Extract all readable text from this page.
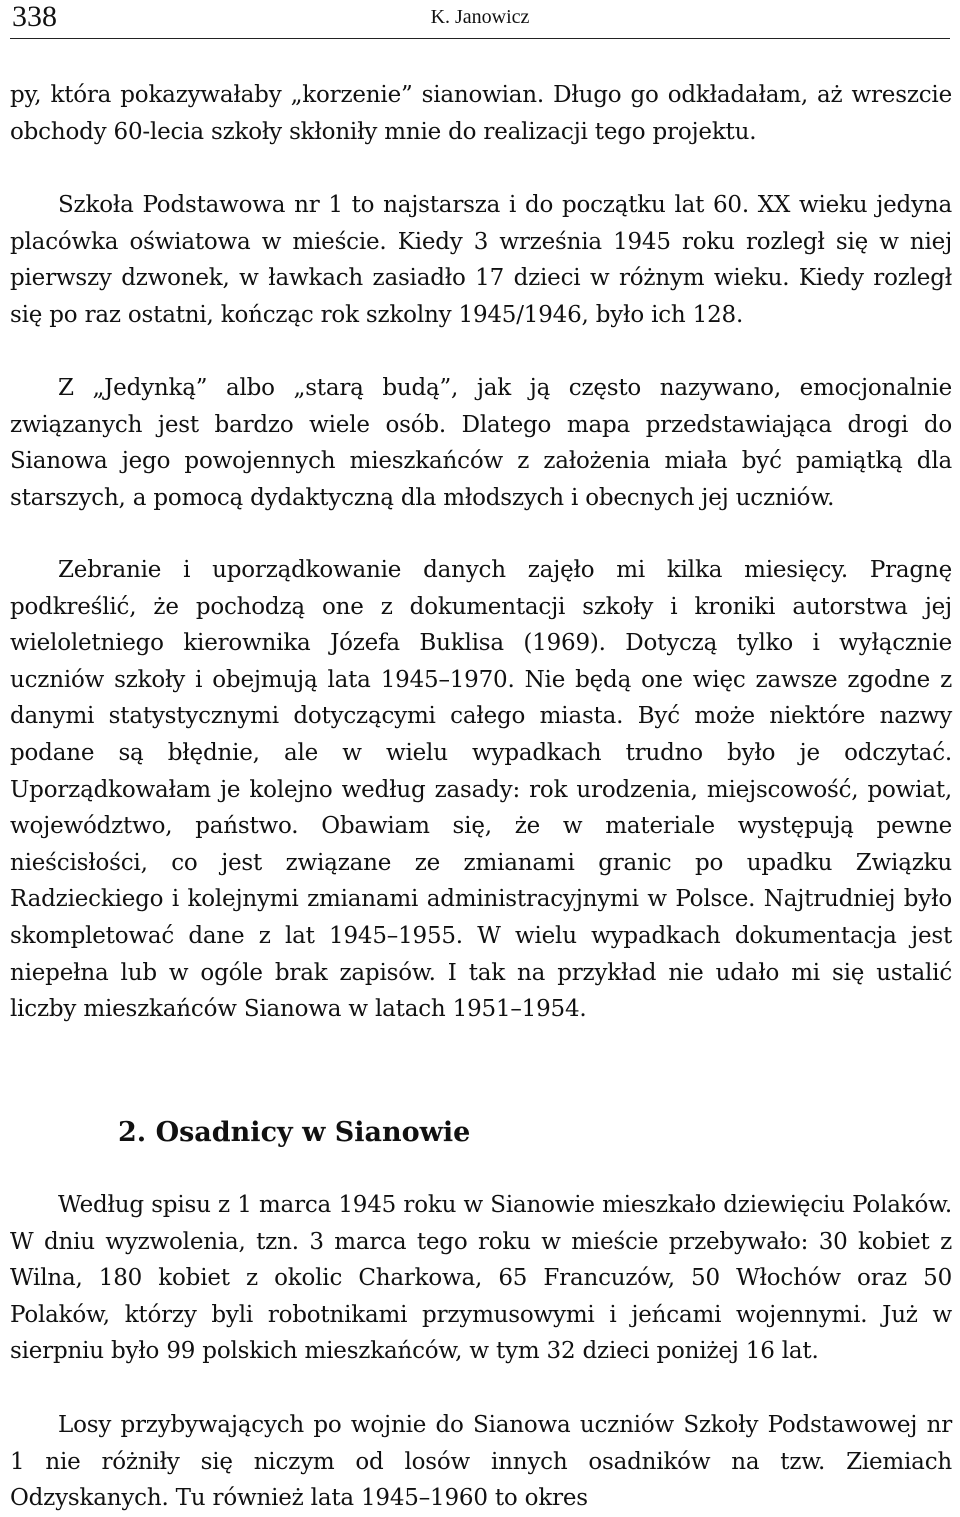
338	K. Janowicz

py, która pokazywałaby „korzenie” sianowian. Długo go odkładałam, aż wreszcie obchody 60-lecia szkoły skłoniły mnie do realizacji tego projektu.

Szkoła Podstawowa nr 1 to najstarsza i do początku lat 60. XX wieku jedyna placówka oświatowa w mieście. Kiedy 3 września 1945 roku rozległ się w niej pierwszy dzwonek, w ławkach zasiadło 17 dzieci w różnym wieku. Kiedy rozległ się po raz ostatni, kończąc rok szkolny 1945/1946, było ich 128.

Z „Jedynką” albo „starą budą”, jak ją często nazywano, emocjonalnie związanych jest bardzo wiele osób. Dlatego mapa przedstawiająca drogi do Sianowa jego powojennych mieszkańców z założenia miała być pamiątką dla starszych, a pomocą dydaktyczną dla młodszych i obecnych jej uczniów.

Zebranie i uporządkowanie danych zajęło mi kilka miesięcy. Pragnę podkreślić, że pochodzą one z dokumentacji szkoły i kroniki autorstwa jej wieloletniego kierownika Józefa Buklisa (1969). Dotyczą tylko i wyłącznie uczniów szkoły i obejmują lata 1945–1970. Nie będą one więc zawsze zgodne z danymi statystycznymi dotyczącymi całego miasta. Być może niektóre nazwy podane są błędnie, ale w wielu wypadkach trudno było je odczytać. Uporządkowałam je kolejno według zasady: rok urodzenia, miejscowość, powiat, województwo, państwo. Obawiam się, że w materiale występują pewne nieścisłości, co jest związane ze zmianami granic po upadku Związku Radzieckiego i kolejnymi zmianami administracyjnymi w Polsce. Najtrudniej było skompletować dane z lat 1945–1955. W wielu wypadkach dokumentacja jest niepełna lub w ogóle brak zapisów. I tak na przykład nie udało mi się ustalić liczby mieszkańców Sianowa w latach 1951–1954.

2. Osadnicy w Sianowie

Według spisu z 1 marca 1945 roku w Sianowie mieszkało dziewięciu Polaków. W dniu wyzwolenia, tzn. 3 marca tego roku w mieście przebywało: 30 kobiet z Wilna, 180 kobiet z okolic Charkowa, 65 Francuzów, 50 Włochów oraz 50 Polaków, którzy byli robotnikami przymusowymi i jeńcami wojennymi. Już w sierpniu było 99 polskich mieszkańców, w tym 32 dzieci poniżej 16 lat.

Losy przybywających po wojnie do Sianowa uczniów Szkoły Podstawowej nr 1 nie różniły się niczym od losów innych osadników na tzw. Ziemiach Odzyskanych. Tu również lata 1945–1960 to okres
